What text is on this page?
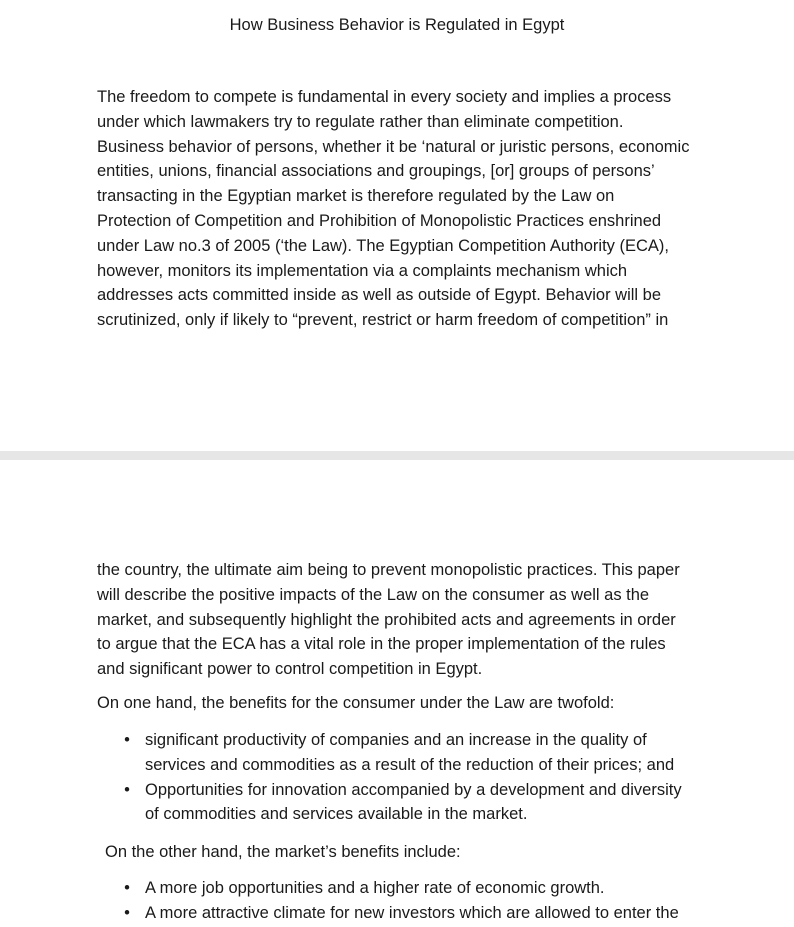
How Business Behavior is Regulated in Egypt

The freedom to compete is fundamental in every society and implies a process
under which lawmakers try to regulate rather than eliminate competition.
Business behavior of persons, whether it be ‘natural or juristic persons, economic
entities, unions, financial associations and groupings, [or] groups of persons’
transacting in the Egyptian market is therefore regulated by the Law on
Protection of Competition and Prohibition of Monopolistic Practices enshrined
under Law no.3 of 2005 (‘the Law). The Egyptian Competition Authority (ECA),
however, monitors its implementation via a complaints mechanism which
addresses acts committed inside as well as outside of Egypt. Behavior will be
scrutinized, only if likely to “prevent, restrict or harm freedom of competition” in

the country, the ultimate aim being to prevent monopolistic practices. This paper
will describe the positive impacts of the Law on the consumer as well as the
market, and subsequently highlight the prohibited acts and agreements in order
to argue that the ECA has a vital role in the proper implementation of the rules
and significant power to control competition in Egypt.

On one hand, the benefits for the consumer under the Law are twofold:

• significant productivity of companies and an increase in the quality of
services and commodities as a result of the reduction of their prices; and
• Opportunities for innovation accompanied by a development and diversity
of commodities and services available in the market.

On the other hand, the market’s benefits include:

• A more job opportunities and a higher rate of economic growth.
• A more attractive climate for new investors which are allowed to enter the
